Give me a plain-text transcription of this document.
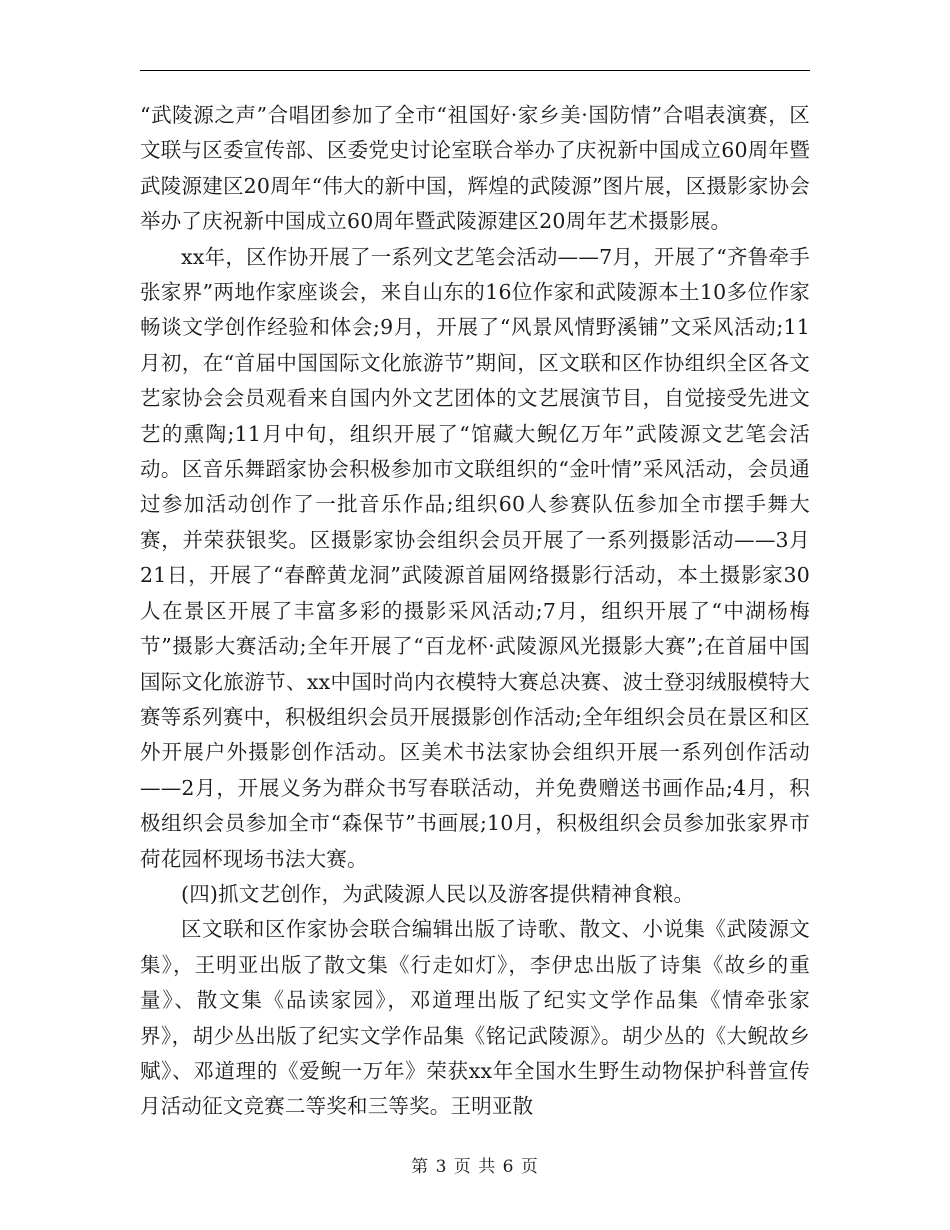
“武陵源之声”合唱团参加了全市“祖国好·家乡美·国防情”合唱表演赛，区文联与区委宣传部、区委党史讨论室联合举办了庆祝新中国成立60周年暨武陵源建区20周年“伟大的新中国，辉煌的武陵源”图片展，区摄影家协会举办了庆祝新中国成立60周年暨武陵源建区20周年艺术摄影展。

xx年，区作协开展了一系列文艺笔会活动——7月，开展了“齐鲁牵手张家界”两地作家座谈会，来自山东的16位作家和武陵源本土10多位作家畅谈文学创作经验和体会;9月，开展了“风景风情野溪铺”文采风活动;11月初，在“首届中国国际文化旅游节”期间，区文联和区作协组织全区各文艺家协会会员观看来自国内外文艺团体的文艺展演节目，自觉接受先进文艺的熏陶;11月中旬，组织开展了“馆藏大鲵亿万年”武陵源文艺笔会活动。区音乐舞蹈家协会积极参加市文联组织的“金叶情”采风活动，会员通过参加活动创作了一批音乐作品;组织60人参赛队伍参加全市摆手舞大赛，并荣获银奖。区摄影家协会组织会员开展了一系列摄影活动——3月21日，开展了“春醉黄龙洞”武陵源首届网络摄影行活动，本土摄影家30人在景区开展了丰富多彩的摄影采风活动;7月，组织开展了“中湖杨梅节”摄影大赛活动;全年开展了“百龙杯·武陵源风光摄影大赛”;在首届中国国际文化旅游节、xx中国时尚内衣模特大赛总决赛、波士登羽绒服模特大赛等系列赛中，积极组织会员开展摄影创作活动;全年组织会员在景区和区外开展户外摄影创作活动。区美术书法家协会组织开展一系列创作活动——2月，开展义务为群众书写春联活动，并免费赠送书画作品;4月，积极组织会员参加全市“森保节”书画展;10月，积极组织会员参加张家界市荷花园杯现场书法大赛。

(四)抓文艺创作，为武陵源人民以及游客提供精神食粮。

区文联和区作家协会联合编辑出版了诗歌、散文、小说集《武陵源文集》，王明亚出版了散文集《行走如灯》，李伊忠出版了诗集《故乡的重量》、散文集《品读家园》，邓道理出版了纪实文学作品集《情牵张家界》，胡少丛出版了纪实文学作品集《铭记武陵源》。胡少丛的《大鲵故乡赋》、邓道理的《爱鲵一万年》荣获xx年全国水生野生动物保护科普宣传月活动征文竞赛二等奖和三等奖。王明亚散

第 3 页 共 6 页
